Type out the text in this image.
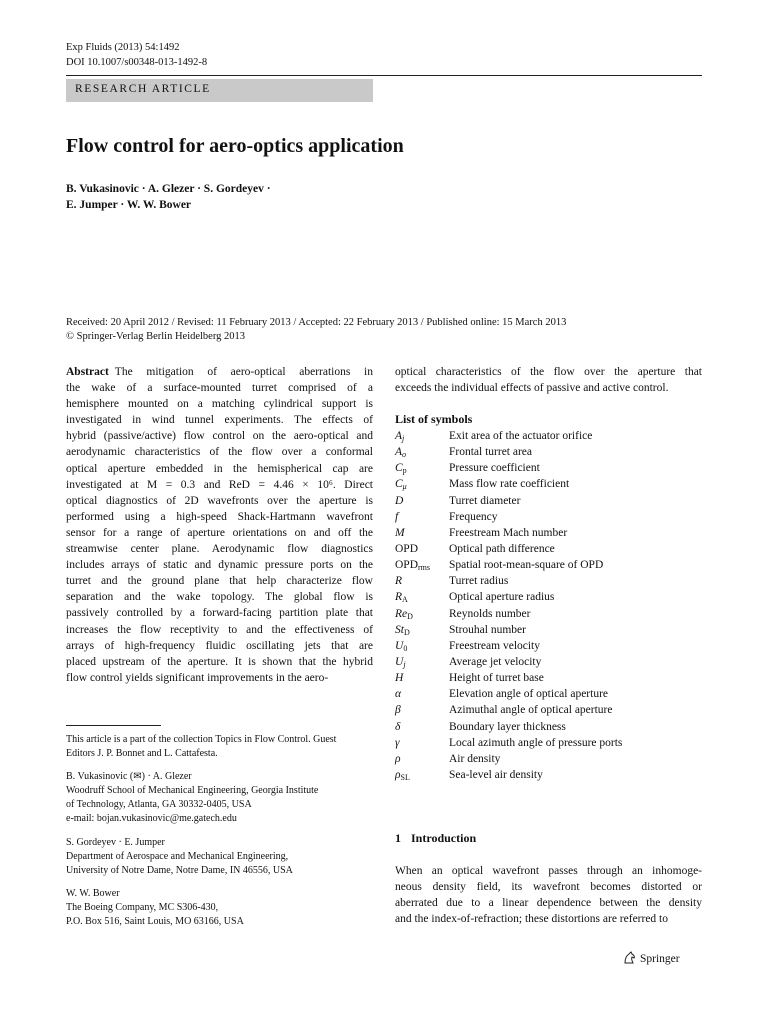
Exp Fluids (2013) 54:1492
DOI 10.1007/s00348-013-1492-8
RESEARCH ARTICLE
Flow control for aero-optics application
B. Vukasinovic · A. Glezer · S. Gordeyev ·
E. Jumper · W. W. Bower
Received: 20 April 2012 / Revised: 11 February 2013 / Accepted: 22 February 2013 / Published online: 15 March 2013
© Springer-Verlag Berlin Heidelberg 2013
Abstract The mitigation of aero-optical aberrations in
the wake of a surface-mounted turret comprised of a
hemisphere mounted on a matching cylindrical support is
investigated in wind tunnel experiments. The effects of
hybrid (passive/active) flow control on the aero-optical and
aerodynamic characteristics of the flow over a conformal
optical aperture embedded in the hemispherical cap are
investigated at M = 0.3 and ReD = 4.46 × 10⁶. Direct
optical diagnostics of 2D wavefronts over the aperture is
performed using a high-speed Shack-Hartmann wavefront
sensor for a range of aperture orientations on and off the
streamwise center plane. Aerodynamic flow diagnostics
includes arrays of static and dynamic pressure ports on the
turret and the ground plane that help characterize flow
separation and the wake topology. The global flow is
passively controlled by a forward-facing partition plate that
increases the flow receptivity to and the effectiveness of
arrays of high-frequency fluidic oscillating jets that are
placed upstream of the aperture. It is shown that the hybrid
flow control yields significant improvements in the aero-
This article is a part of the collection Topics in Flow Control. Guest
Editors J. P. Bonnet and L. Cattafesta.
B. Vukasinovic (✉) · A. Glezer
Woodruff School of Mechanical Engineering, Georgia Institute
of Technology, Atlanta, GA 30332-0405, USA
e-mail: bojan.vukasinovic@me.gatech.edu
S. Gordeyev · E. Jumper
Department of Aerospace and Mechanical Engineering,
University of Notre Dame, Notre Dame, IN 46556, USA
W. W. Bower
The Boeing Company, MC S306-430,
P.O. Box 516, Saint Louis, MO 63166, USA
optical characteristics of the flow over the aperture that
exceeds the individual effects of passive and active control.
List of symbols
$A_j$	Exit area of the actuator orifice
$A_o$	Frontal turret area
$C_p$	Pressure coefficient
$C_\mu$	Mass flow rate coefficient
D	Turret diameter
f	Frequency
M	Freestream Mach number
OPD	Optical path difference
$OPD_{rms}$ Spatial root-mean-square of OPD
R	Turret radius
$R_A$	Optical aperture radius
$Re_D$	Reynolds number
$St_D$	Strouhal number
$U_0$	Freestream velocity
$U_j$	Average jet velocity
H	Height of turret base
α	Elevation angle of optical aperture
β	Azimuthal angle of optical aperture
δ	Boundary layer thickness
γ	Local azimuth angle of pressure ports
ρ	Air density
$\rho_{SL}$	Sea-level air density
1 Introduction
When an optical wavefront passes through an inhomoge-
neous density field, its wavefront becomes distorted or
aberrated due to a linear dependence between the density
and the index-of-refraction; these distortions are referred to
Springer
